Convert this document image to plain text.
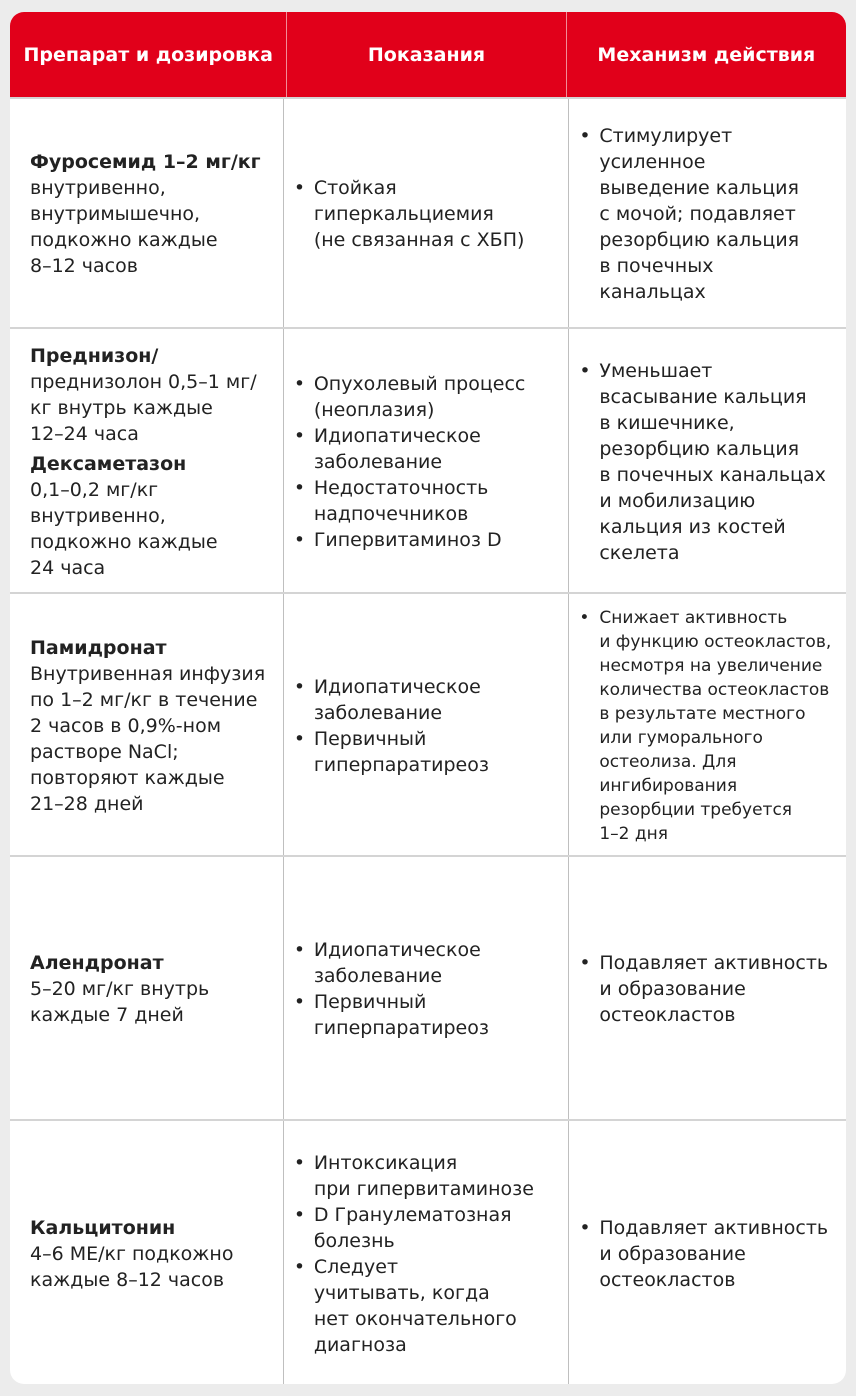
Препарат и дозировка	Показания	Механизм действия
Фуросемид 1–2 мг/кг
внутривенно,
внутримышечно,
подкожно каждые
8–12 часов
• Стойкая
гиперкальциемия
(не связанная с ХБП)
• Стимулирует
усиленное
выведение кальция
с мочой; подавляет
резорбцию кальция
в почечных
канальцах
Преднизон/
преднизолон 0,5–1 мг/
кг внутрь каждые
12–24 часа
Дексаметазон
0,1–0,2 мг/кг
внутривенно,
подкожно каждые
24 часа
• Опухолевый процесс
(неоплазия)
• Идиопатическое
заболевание
• Недостаточность
надпочечников
• Гипервитаминоз D
• Уменьшает
всасывание кальция
в кишечнике,
резорбцию кальция
в почечных канальцах
и мобилизацию
кальция из костей
скелета
Памидронат
Внутривенная инфузия
по 1–2 мг/кг в течение
2 часов в 0,9%-ном
растворе NaCl;
повторяют каждые
21–28 дней
• Идиопатическое
заболевание
• Первичный
гиперпаратиреоз
• Снижает активность
и функцию остеокластов,
несмотря на увеличение
количества остеокластов
в результате местного
или гуморального
остеолиза. Для
ингибирования
резорбции требуется
1–2 дня
Алендронат
5–20 мг/кг внутрь
каждые 7 дней
• Идиопатическое
заболевание
• Первичный
гиперпаратиреоз
• Подавляет активность
и образование
остеокластов
Кальцитонин
4–6 МЕ/кг подкожно
каждые 8–12 часов
• Интоксикация
при гипервитаминозе
• D Гранулематозная
болезнь
• Следует
учитывать, когда
нет окончательного
диагноза
• Подавляет активность
и образование
остеокластов
